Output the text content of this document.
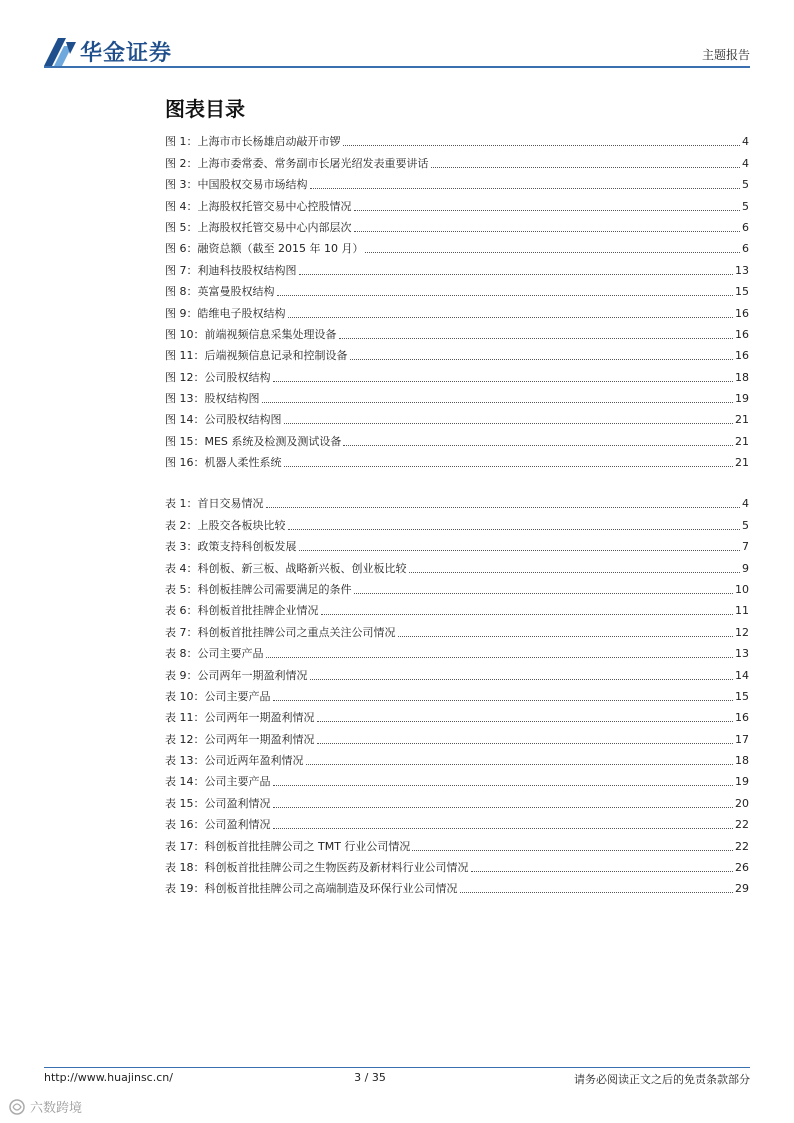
华金证券	主题报告
图表目录
图 1：上海市市长杨雄启动敲开市锣	4
图 2：上海市委常委、常务副市长屠光绍发表重要讲话	4
图 3：中国股权交易市场结构	5
图 4：上海股权托管交易中心控股情况	5
图 5：上海股权托管交易中心内部层次	6
图 6：融资总额（截至 2015 年 10 月）	6
图 7：利迪科技股权结构图	13
图 8：英富曼股权结构	15
图 9：皓维电子股权结构	16
图 10：前端视频信息采集处理设备	16
图 11：后端视频信息记录和控制设备	16
图 12：公司股权结构	18
图 13：股权结构图	19
图 14：公司股权结构图	21
图 15：MES 系统及检测及测试设备	21
图 16：机器人柔性系统	21
表 1：首日交易情况	4
表 2：上股交各板块比较	5
表 3：政策支持科创板发展	7
表 4：科创板、新三板、战略新兴板、创业板比较	9
表 5：科创板挂牌公司需要满足的条件	10
表 6：科创板首批挂牌企业情况	11
表 7：科创板首批挂牌公司之重点关注公司情况	12
表 8：公司主要产品	13
表 9：公司两年一期盈利情况	14
表 10：公司主要产品	15
表 11：公司两年一期盈利情况	16
表 12：公司两年一期盈利情况	17
表 13：公司近两年盈利情况	18
表 14：公司主要产品	19
表 15：公司盈利情况	20
表 16：公司盈利情况	22
表 17：科创板首批挂牌公司之 TMT 行业公司情况	22
表 18：科创板首批挂牌公司之生物医药及新材料行业公司情况	26
表 19：科创板首批挂牌公司之高端制造及环保行业公司情况	29
http://www.huajinsc.cn/	3 / 35	请务必阅读正文之后的免责条款部分
六数跨境
